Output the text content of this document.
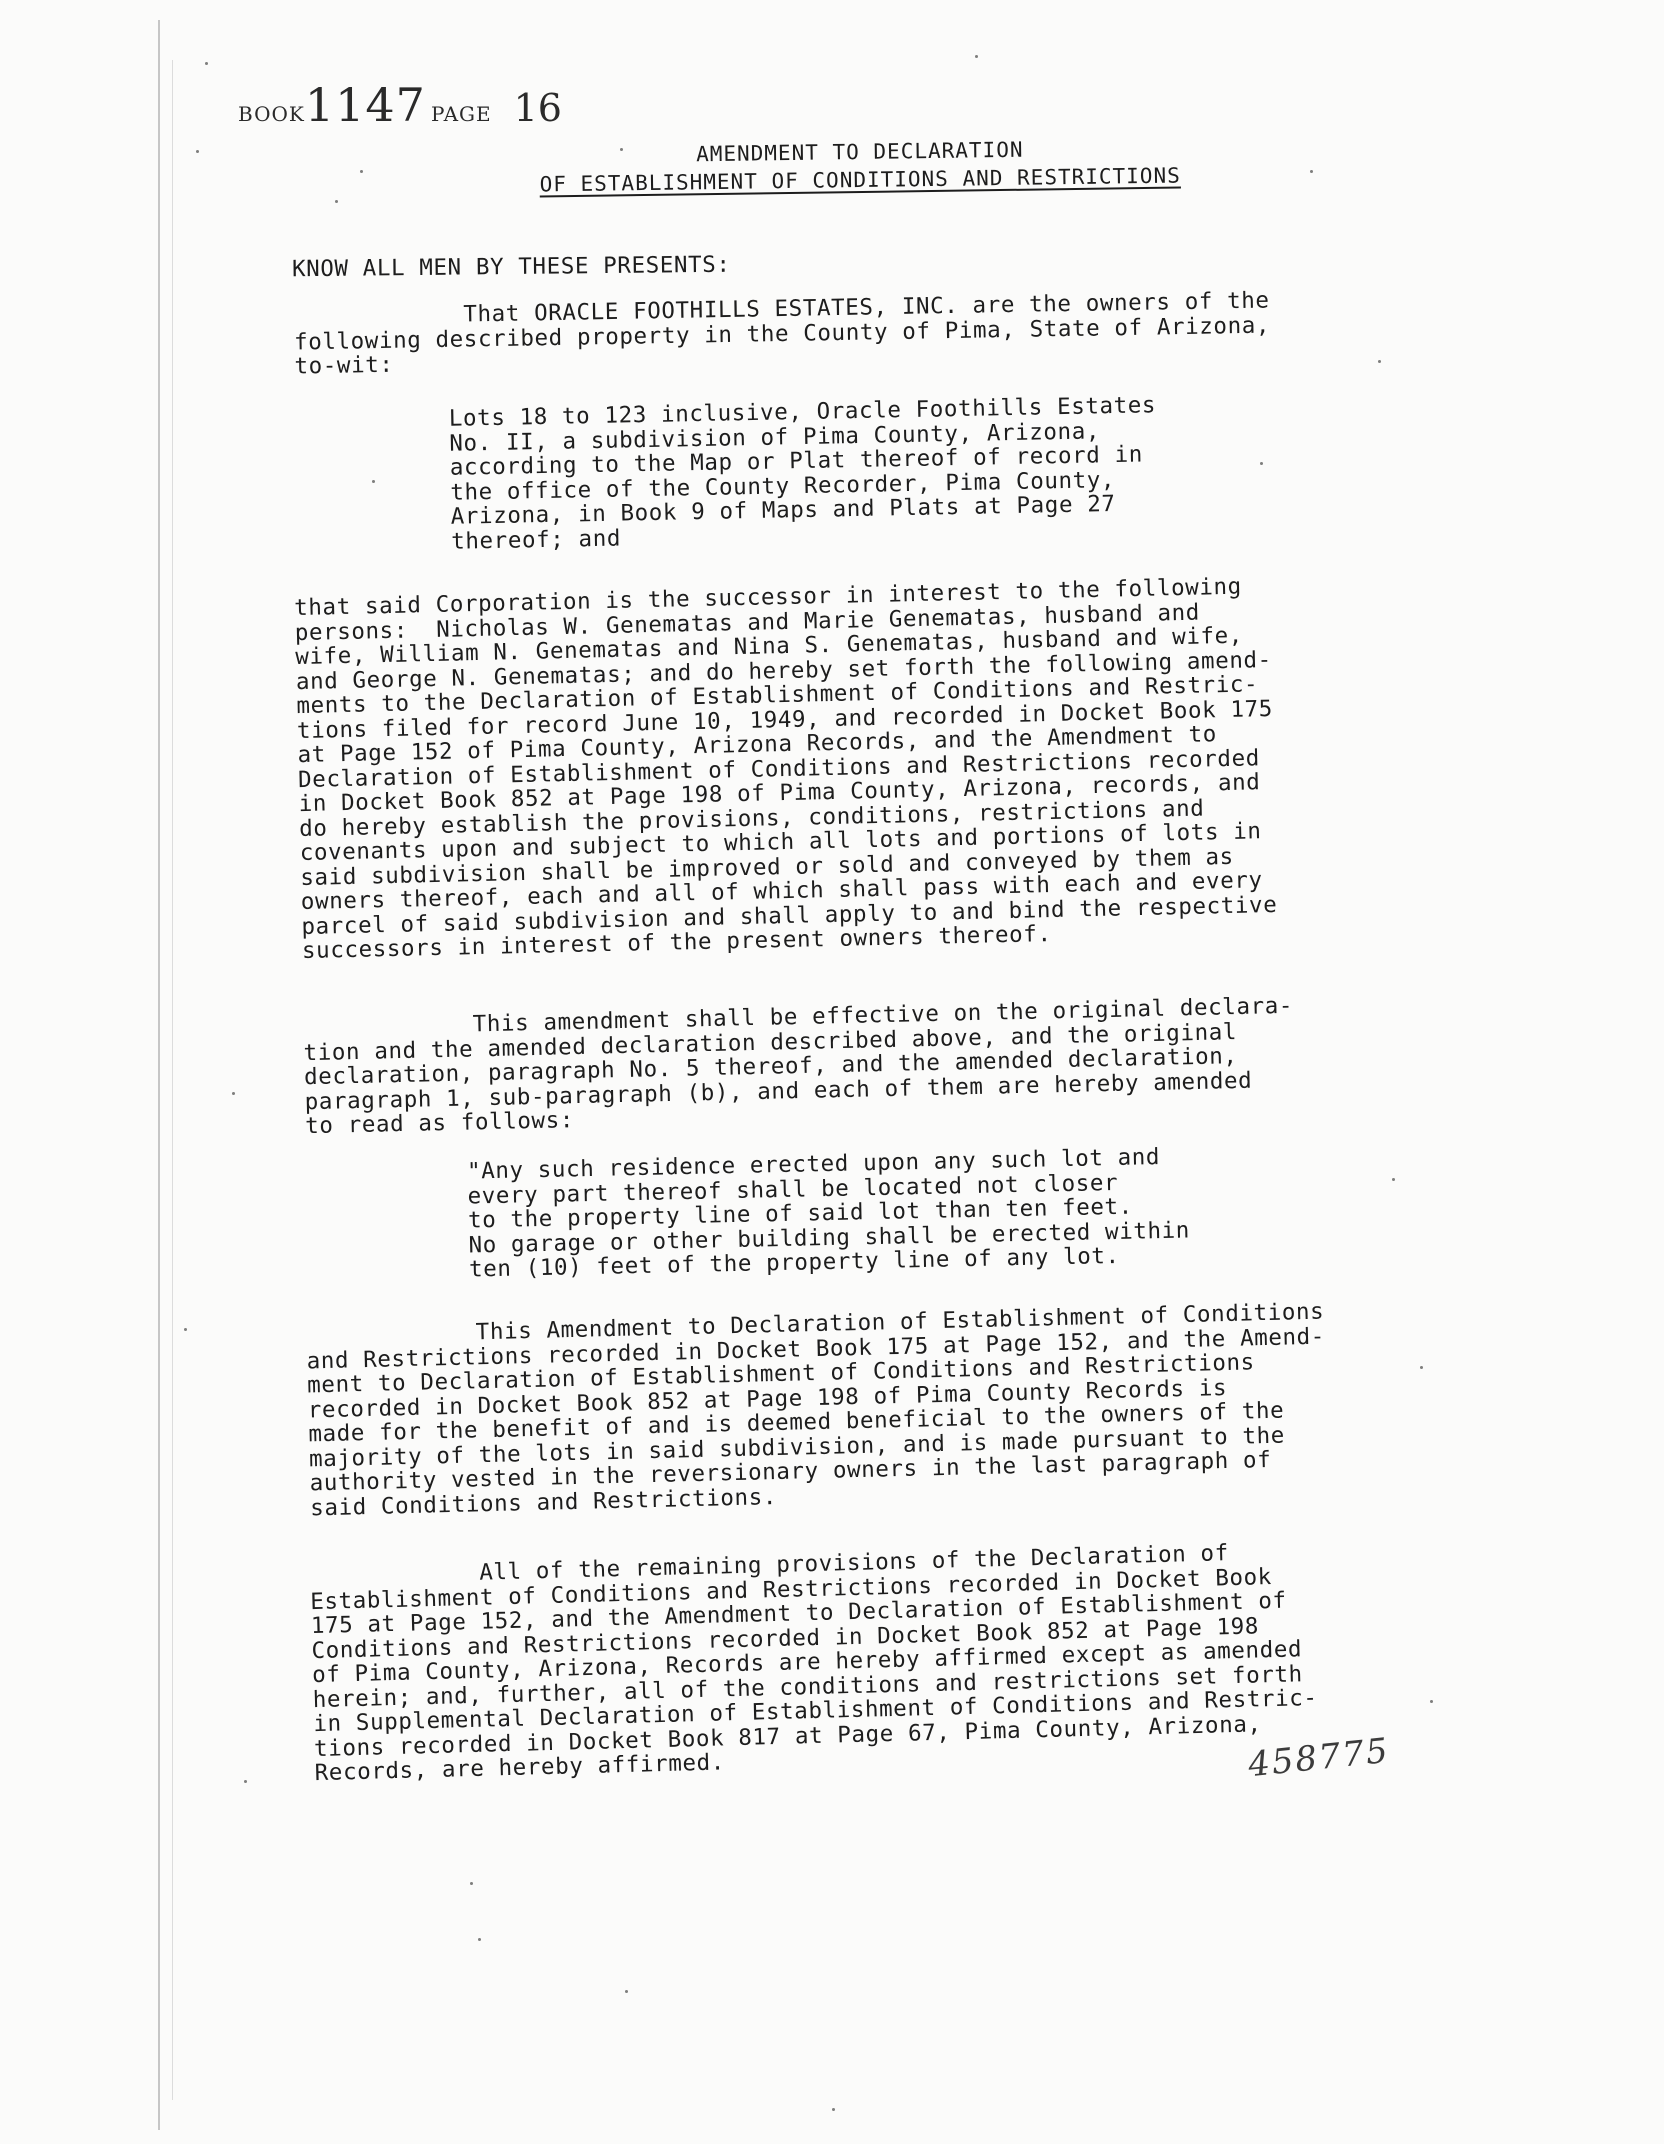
BOOK1147 PAGE 16
AMENDMENT TO DECLARATION
OF ESTABLISHMENT OF CONDITIONS AND RESTRICTIONS
KNOW ALL MEN BY THESE PRESENTS:
That ORACLE FOOTHILLS ESTATES, INC. are the owners of the
following described property in the County of Pima, State of Arizona,
to-wit:
Lots 18 to 123 inclusive, Oracle Foothills Estates
No. II, a subdivision of Pima County, Arizona,
according to the Map or Plat thereof of record in
the office of the County Recorder, Pima County,
Arizona, in Book 9 of Maps and Plats at Page 27
thereof; and
that said Corporation is the successor in interest to the following
persons:  Nicholas W. Genematas and Marie Genematas, husband and
wife, William N. Genematas and Nina S. Genematas, husband and wife,
and George N. Genematas; and do hereby set forth the following amend-
ments to the Declaration of Establishment of Conditions and Restric-
tions filed for record June 10, 1949, and recorded in Docket Book 175
at Page 152 of Pima County, Arizona Records, and the Amendment to
Declaration of Establishment of Conditions and Restrictions recorded
in Docket Book 852 at Page 198 of Pima County, Arizona, records, and
do hereby establish the provisions, conditions, restrictions and
covenants upon and subject to which all lots and portions of lots in
said subdivision shall be improved or sold and conveyed by them as
owners thereof, each and all of which shall pass with each and every
parcel of said subdivision and shall apply to and bind the respective
successors in interest of the present owners thereof.
This amendment shall be effective on the original declara-
tion and the amended declaration described above, and the original
declaration, paragraph No. 5 thereof, and the amended declaration,
paragraph 1, sub-paragraph (b), and each of them are hereby amended
to read as follows:
"Any such residence erected upon any such lot and
every part thereof shall be located not closer
to the property line of said lot than ten feet.
No garage or other building shall be erected within
ten (10) feet of the property line of any lot.
This Amendment to Declaration of Establishment of Conditions
and Restrictions recorded in Docket Book 175 at Page 152, and the Amend-
ment to Declaration of Establishment of Conditions and Restrictions
recorded in Docket Book 852 at Page 198 of Pima County Records is
made for the benefit of and is deemed beneficial to the owners of the
majority of the lots in said subdivision, and is made pursuant to the
authority vested in the reversionary owners in the last paragraph of
said Conditions and Restrictions.
All of the remaining provisions of the Declaration of
Establishment of Conditions and Restrictions recorded in Docket Book
175 at Page 152, and the Amendment to Declaration of Establishment of
Conditions and Restrictions recorded in Docket Book 852 at Page 198
of Pima County, Arizona, Records are hereby affirmed except as amended
herein; and, further, all of the conditions and restrictions set forth
in Supplemental Declaration of Establishment of Conditions and Restric-
tions recorded in Docket Book 817 at Page 67, Pima County, Arizona,
Records, are hereby affirmed.	458775
